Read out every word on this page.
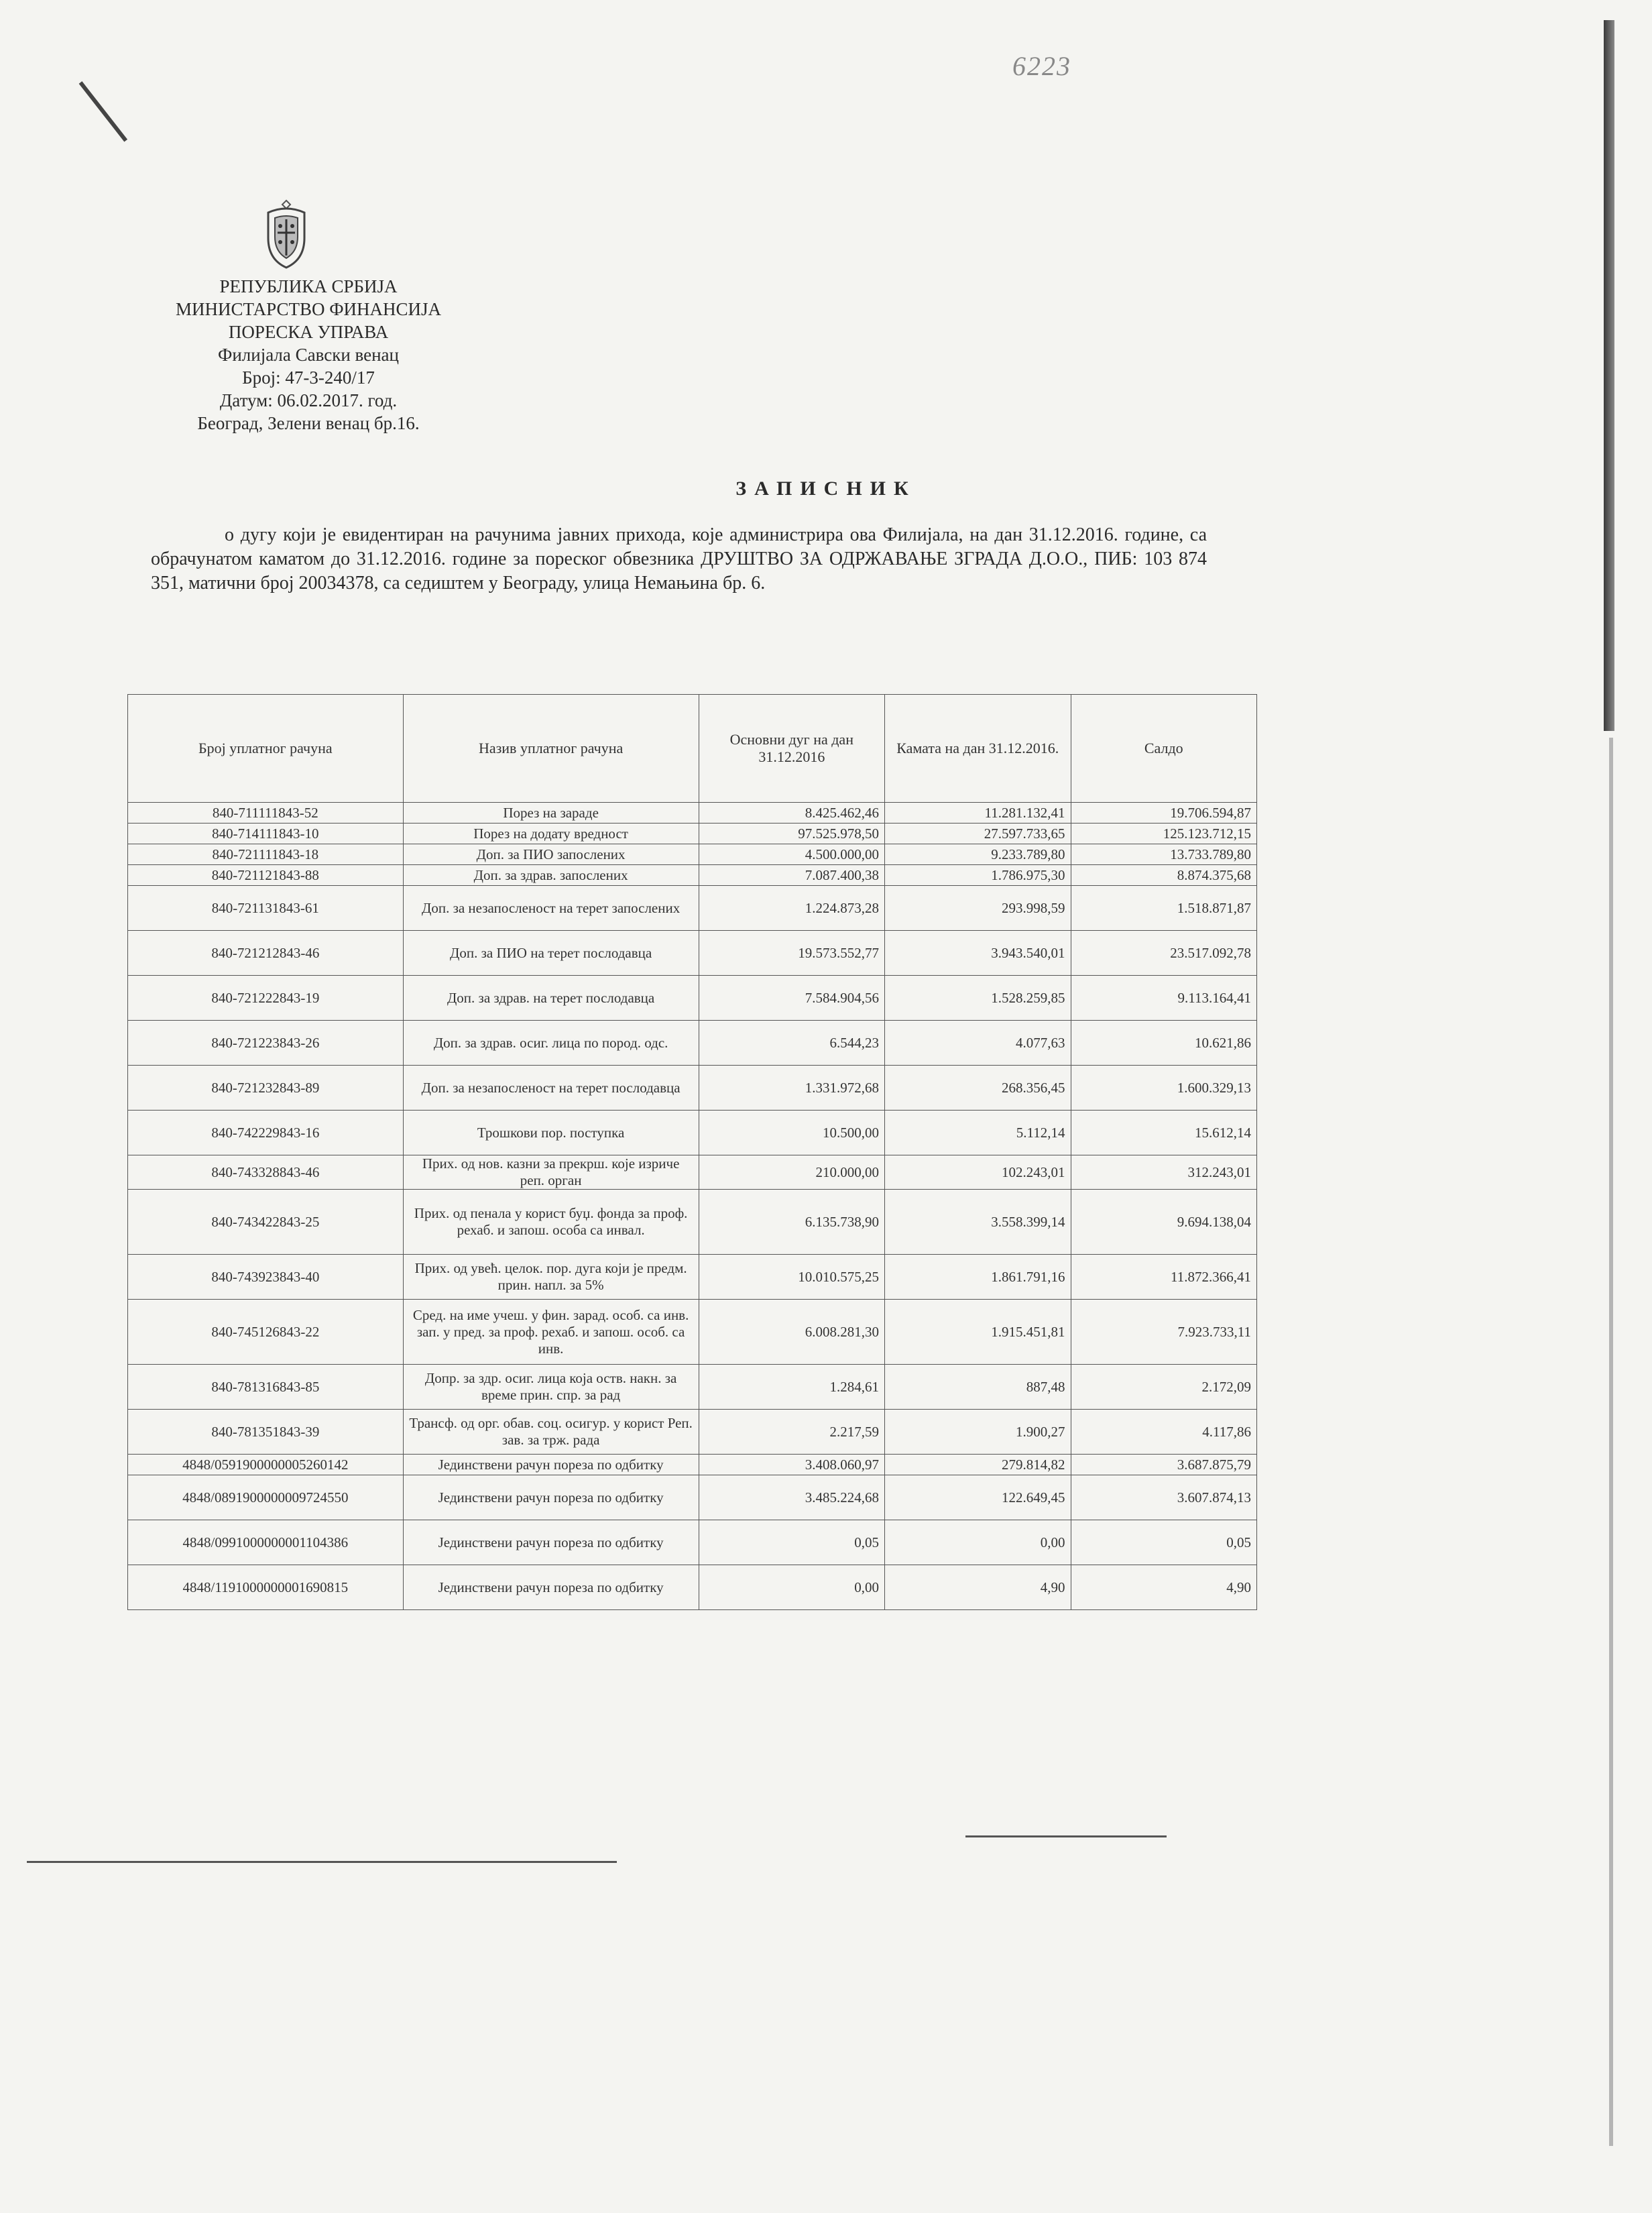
6223
РЕПУБЛИКА СРБИЈА
МИНИСТАРСТВО ФИНАНСИЈА
ПОРЕСКА УПРАВА
Филијала Савски венац
Број: 47-3-240/17
Датум: 06.02.2017. год.
Београд, Зелени венац бр.16.
ЗАПИСНИК
о дугу који је евидентиран на рачунима јавних прихода, које администрира ова Филијала, на дан 31.12.2016. године, са обрачунатом каматом до 31.12.2016. године за пореског обвезника ДРУШТВО ЗА ОДРЖАВАЊЕ ЗГРАДА Д.О.О., ПИБ: 103 874 351, матични број 20034378, са седиштем у Београду, улица Немањина бр. 6.
Број уплатног рачуна	Назив уплатног рачуна	Основни дуг на дан 31.12.2016	Камата на дан 31.12.2016.	Салдо
840-711111843-52	Порез на зараде	8.425.462,46	11.281.132,41	19.706.594,87
840-714111843-10	Порез на додату вредност	97.525.978,50	27.597.733,65	125.123.712,15
840-721111843-18	Доп. за ПИО запослених	4.500.000,00	9.233.789,80	13.733.789,80
840-721121843-88	Доп. за здрав. запослених	7.087.400,38	1.786.975,30	8.874.375,68
840-721131843-61	Доп. за незапосленост на терет запослених	1.224.873,28	293.998,59	1.518.871,87
840-721212843-46	Доп. за ПИО на терет послодавца	19.573.552,77	3.943.540,01	23.517.092,78
840-721222843-19	Доп. за здрав. на терет послодавца	7.584.904,56	1.528.259,85	9.113.164,41
840-721223843-26	Доп. за здрав. осиг. лица по пород. одс.	6.544,23	4.077,63	10.621,86
840-721232843-89	Доп. за незапосленост на терет послодавца	1.331.972,68	268.356,45	1.600.329,13
840-742229843-16	Трошкови пор. поступка	10.500,00	5.112,14	15.612,14
840-743328843-46	Прих. од нов. казни за прекрш. које изриче реп. орган	210.000,00	102.243,01	312.243,01
840-743422843-25	Прих. од пенала у корист буџ. фонда за проф. рехаб. и запош. особа са инвал.	6.135.738,90	3.558.399,14	9.694.138,04
840-743923843-40	Прих. од увећ. целок. пор. дуга који је предм. прин. напл. за 5%	10.010.575,25	1.861.791,16	11.872.366,41
840-745126843-22	Сред. на име учеш. у фин. зарад. особ. са инв. зап. у пред. за проф. рехаб. и запош. особ. са инв.	6.008.281,30	1.915.451,81	7.923.733,11
840-781316843-85	Допр. за здр. осиг. лица која оств. накн. за време прин. спр. за рад	1.284,61	887,48	2.172,09
840-781351843-39	Трансф. од орг. обав. соц. осигур. у корист Реп. зав. за трж. рада	2.217,59	1.900,27	4.117,86
4848/0591900000005260142	Јединствени рачун пореза по одбитку	3.408.060,97	279.814,82	3.687.875,79
4848/0891900000009724550	Јединствени рачун пореза по одбитку	3.485.224,68	122.649,45	3.607.874,13
4848/0991000000001104386	Јединствени рачун пореза по одбитку	0,05	0,00	0,05
4848/1191000000001690815	Јединствени рачун пореза по одбитку	0,00	4,90	4,90
